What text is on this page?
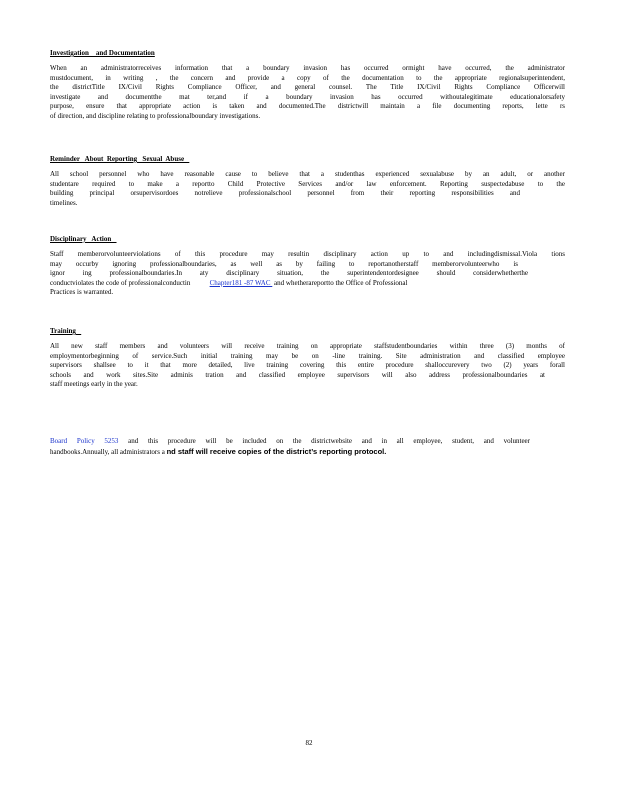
Investigation    and Documentation
When an administratorreceives information that a boundary invasion has occurred ormight have occurred, the administrator
mustdocument, in writing , the concern and provide a copy of the documentation to the appropriate regionalsuperintendent,
the districtTitle IX/Civil Rights Compliance Officer, and general counsel. The Title IX/Civil Rights Compliance Officerwill
investigate and documentthe mat ter,and if a boundary invasion has occurred withoutalegitimate educationalorsafety
purpose, ensure that appropriate action is taken and documented.The districtwill maintain a file documenting reports, lette rs
of direction, and discipline relating to professionalboundary investigations.
Reminder   About  Reporting   Sexual  Abuse
All school personnel who have reasonable cause to believe that a studenthas experienced sexualabuse by an adult, or another
studentare required to make a reportto Child Protective Services and/or law enforcement. Reporting suspectedabuse to the
building principal orsupervisordoes notrelieve professionalschool personnel from their reporting responsibilities and
timelines.
Disciplinary   Action
Staff memberorvolunteerviolations of this procedure may resultin disciplinary action up to and includingdismissal.Viola tions
may occurby ignoring professionalboundaries, as well as by failing to reportanotherstaff memberorvolunteerwho is
ignor ing professionalboundaries.In aty disciplinary situation, the superintendentordesignee should considerwhetherthe
conductviolates the code of professionalconductin	Chapter181 -87 WAC  and whetherareportto the Office of Professional
Practices is warranted.
Training
All new staff members and volunteers will receive training on appropriate staffstudentboundaries within three (3) months of
employmentorbeginning of service.Such initial training may be on -line training. Site administration and classified employee
supervisors shallsee to it that more detailed, live training covering this entire procedure shalloccurevery two (2) years forall
schools and work sites.Site adminis tration and classified employee supervisors will also address professionalboundaries at
staff meetings early in the year.
Board Policy 5253 and this procedure will be included on the districtwebsite and in all employee, student, and volunteer
handbooks.Annually, all administrators a nd staff will receive copies of the district’s reporting protocol.
82
